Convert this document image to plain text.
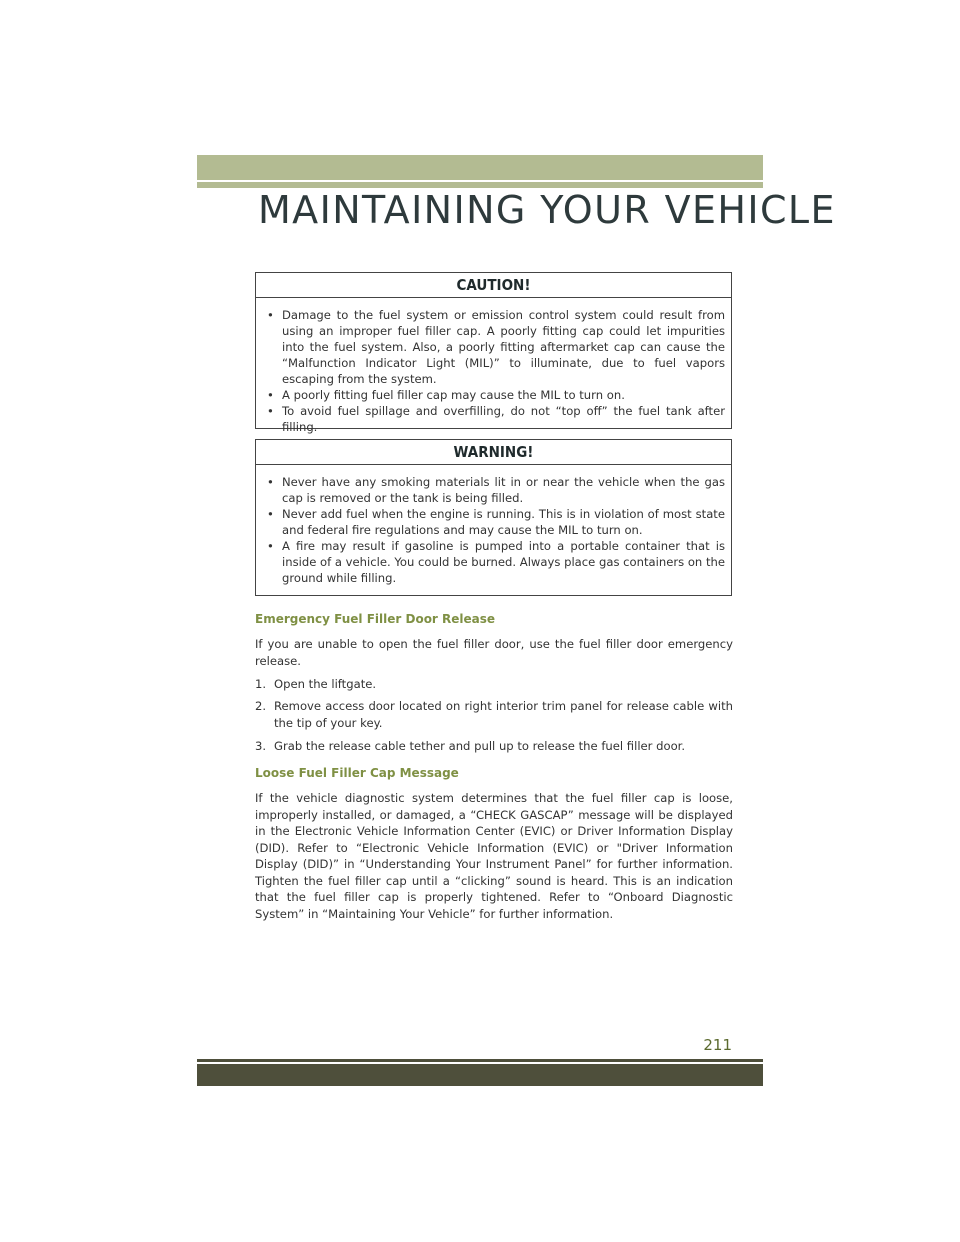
MAINTAINING YOUR VEHICLE
CAUTION!
• Damage to the fuel system or emission control system could result from using an improper fuel filler cap. A poorly fitting cap could let impurities into the fuel system. Also, a poorly fitting aftermarket cap can cause the “Malfunction Indicator Light (MIL)” to illuminate, due to fuel vapors escaping from the system.
• A poorly fitting fuel filler cap may cause the MIL to turn on.
• To avoid fuel spillage and overfilling, do not “top off” the fuel tank after filling.
WARNING!
• Never have any smoking materials lit in or near the vehicle when the gas cap is removed or the tank is being filled.
• Never add fuel when the engine is running. This is in violation of most state and federal fire regulations and may cause the MIL to turn on.
• A fire may result if gasoline is pumped into a portable container that is inside of a vehicle. You could be burned. Always place gas containers on the ground while filling.
Emergency Fuel Filler Door Release
If you are unable to open the fuel filler door, use the fuel filler door emergency release.
1. Open the liftgate.
2. Remove access door located on right interior trim panel for release cable with the tip of your key.
3. Grab the release cable tether and pull up to release the fuel filler door.
Loose Fuel Filler Cap Message
If the vehicle diagnostic system determines that the fuel filler cap is loose, improperly installed, or damaged, a “CHECK GASCAP” message will be displayed in the Electronic Vehicle Information Center (EVIC) or Driver Information Display (DID). Refer to “Electronic Vehicle Information (EVIC) or "Driver Information Display (DID)” in “Understanding Your Instrument Panel” for further information. Tighten the fuel filler cap until a “clicking” sound is heard. This is an indication that the fuel filler cap is properly tightened. Refer to “Onboard Diagnostic System” in “Maintaining Your Vehicle” for further information.
211
